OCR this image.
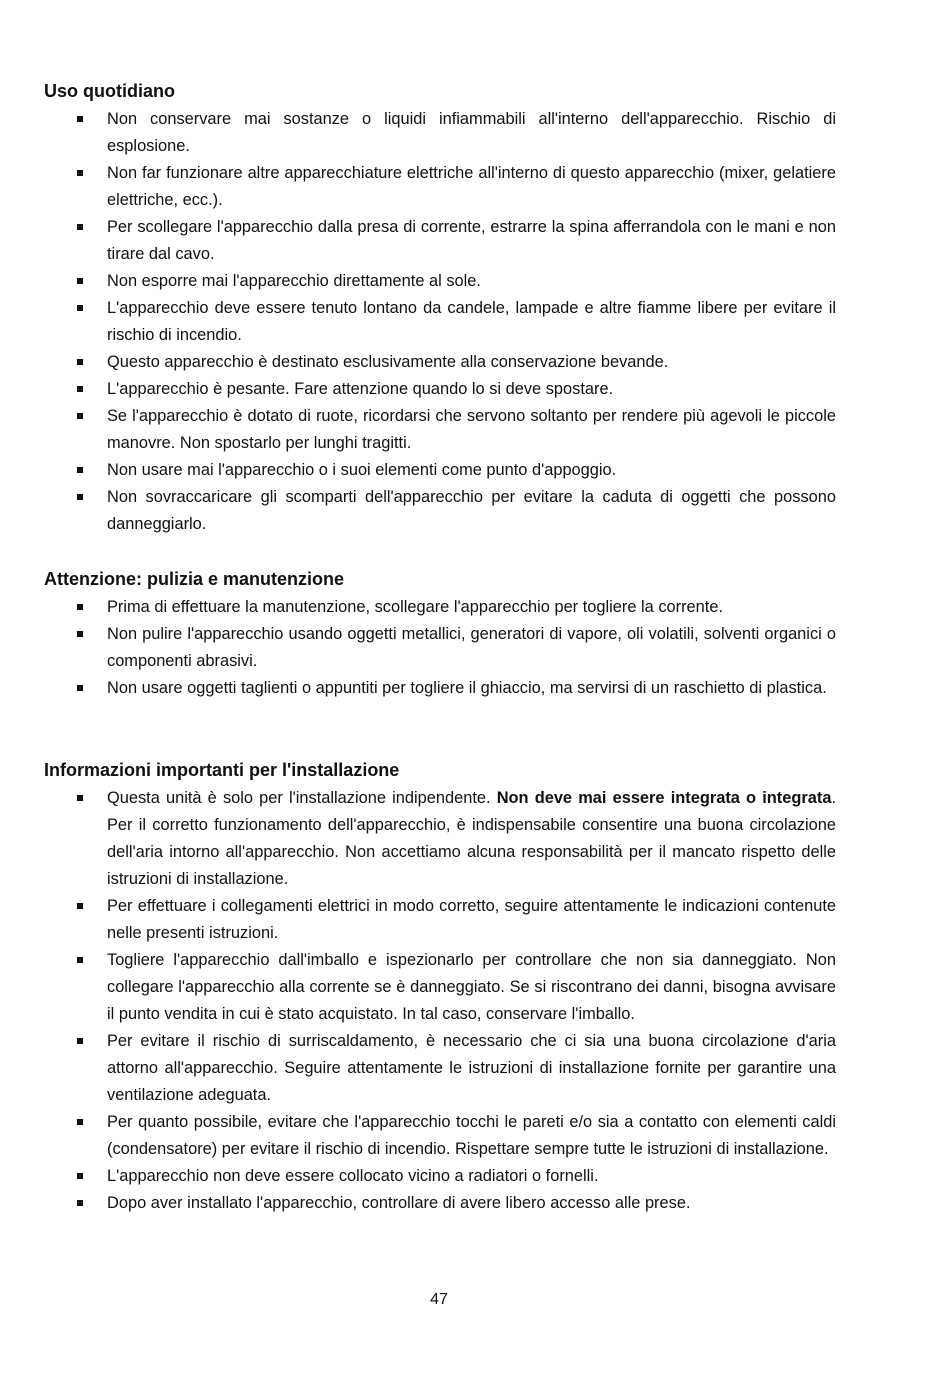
Uso quotidiano
Non conservare mai sostanze o liquidi infiammabili all'interno dell'apparecchio. Rischio di esplosione.
Non far funzionare altre apparecchiature elettriche all'interno di questo apparecchio (mixer, gelatiere elettriche, ecc.).
Per scollegare l'apparecchio dalla presa di corrente, estrarre la spina afferrandola con le mani e non tirare dal cavo.
Non esporre mai l'apparecchio direttamente al sole.
L'apparecchio deve essere tenuto lontano da candele, lampade e altre fiamme libere per evitare il rischio di incendio.
Questo apparecchio è destinato esclusivamente alla conservazione bevande.
L'apparecchio è pesante. Fare attenzione quando lo si deve spostare.
Se l'apparecchio è dotato di ruote, ricordarsi che servono soltanto per rendere più agevoli le piccole manovre. Non spostarlo per lunghi tragitti.
Non usare mai l'apparecchio o i suoi elementi come punto d'appoggio.
Non sovraccaricare gli scomparti dell'apparecchio per evitare la caduta di oggetti che possono danneggiarlo.
Attenzione: pulizia e manutenzione
Prima di effettuare la manutenzione, scollegare l'apparecchio per togliere la corrente.
Non pulire l'apparecchio usando oggetti metallici, generatori di vapore, oli volatili, solventi organici o componenti abrasivi.
Non usare oggetti taglienti o appuntiti per togliere il ghiaccio, ma servirsi di un raschietto di plastica.
Informazioni importanti per l'installazione
Questa unità è solo per l'installazione indipendente. Non deve mai essere integrata o integrata. Per il corretto funzionamento dell'apparecchio, è indispensabile consentire una buona circolazione dell'aria intorno all'apparecchio. Non accettiamo alcuna responsabilità per il mancato rispetto delle istruzioni di installazione.
Per effettuare i collegamenti elettrici in modo corretto, seguire attentamente le indicazioni contenute nelle presenti istruzioni.
Togliere l'apparecchio dall'imballo e ispezionarlo per controllare che non sia danneggiato. Non collegare l'apparecchio alla corrente se è danneggiato. Se si riscontrano dei danni, bisogna avvisare il punto vendita in cui è stato acquistato. In tal caso, conservare l'imballo.
Per evitare il rischio di surriscaldamento, è necessario che ci sia una buona circolazione d'aria attorno all'apparecchio. Seguire attentamente le istruzioni di installazione fornite per garantire una ventilazione adeguata.
Per quanto possibile, evitare che l'apparecchio tocchi le pareti e/o sia a contatto con elementi caldi (condensatore) per evitare il rischio di incendio. Rispettare sempre tutte le istruzioni di installazione.
L'apparecchio non deve essere collocato vicino a radiatori o fornelli.
Dopo aver installato l'apparecchio, controllare di avere libero accesso alle prese.
47
